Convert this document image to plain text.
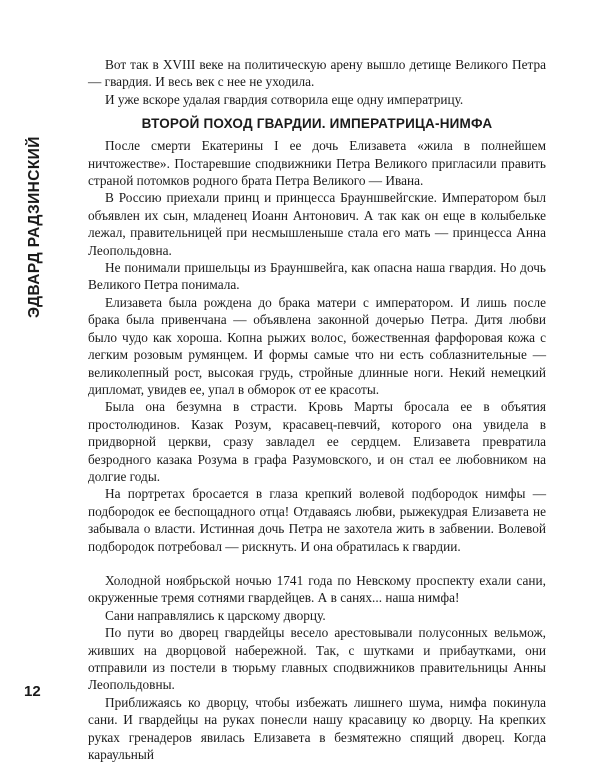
ЭДВАРД РАДЗИНСКИЙ

Вот так в XVIII веке на политическую арену вышло детище Великого Петра — гвардия. И весь век с нее не уходила.

И уже вскоре удалая гвардия сотворила еще одну императрицу.

ВТОРОЙ ПОХОД ГВАРДИИ. ИМПЕРАТРИЦА-НИМФА

После смерти Екатерины I ее дочь Елизавета «жила в полнейшем ничтожестве». Постаревшие сподвижники Петра Великого пригласили править страной потомков родного брата Петра Великого — Ивана.

В Россию приехали принц и принцесса Брауншвейгские. Императором был объявлен их сын, младенец Иоанн Антонович. А так как он еще в колыбельке лежал, правительницей при несмышленыше стала его мать — принцесса Анна Леопольдовна.

Не понимали пришельцы из Брауншвейга, как опасна наша гвардия. Но дочь Великого Петра понимала.

Елизавета была рождена до брака матери с императором. И лишь после брака была привенчана — объявлена законной дочерью Петра. Дитя любви было чудо как хороша. Копна рыжих волос, божественная фарфоровая кожа с легким розовым румянцем. И формы самые что ни есть соблазнительные — великолепный рост, высокая грудь, стройные длинные ноги. Некий немецкий дипломат, увидев ее, упал в обморок от ее красоты.

Была она безумна в страсти. Кровь Марты бросала ее в объятия простолюдинов. Казак Розум, красавец-певчий, которого она увидела в придворной церкви, сразу завладел ее сердцем. Елизавета превратила безродного казака Розума в графа Разумовского, и он стал ее любовником на долгие годы.

На портретах бросается в глаза крепкий волевой подбородок нимфы — подбородок ее беспощадного отца! Отдаваясь любви, рыжекудрая Елизавета не забывала о власти. Истинная дочь Петра не захотела жить в забвении. Волевой подбородок потребовал — рискнуть. И она обратилась к гвардии.

Холодной ноябрьской ночью 1741 года по Невскому проспекту ехали сани, окруженные тремя сотнями гвардейцев. А в санях... наша нимфа!

Сани направлялись к царскому дворцу.

По пути во дворец гвардейцы весело арестовывали полусонных вельмож, живших на дворцовой набережной. Так, с шутками и прибаутками, они отправили из постели в тюрьму главных сподвижников правительницы Анны Леопольдовны.

Приближаясь ко дворцу, чтобы избежать лишнего шума, нимфа покинула сани. И гвардейцы на руках понесли нашу красавицу ко дворцу. На крепких руках гренадеров явилась Елизавета в безмятежно спящий дворец. Когда караульный

12
